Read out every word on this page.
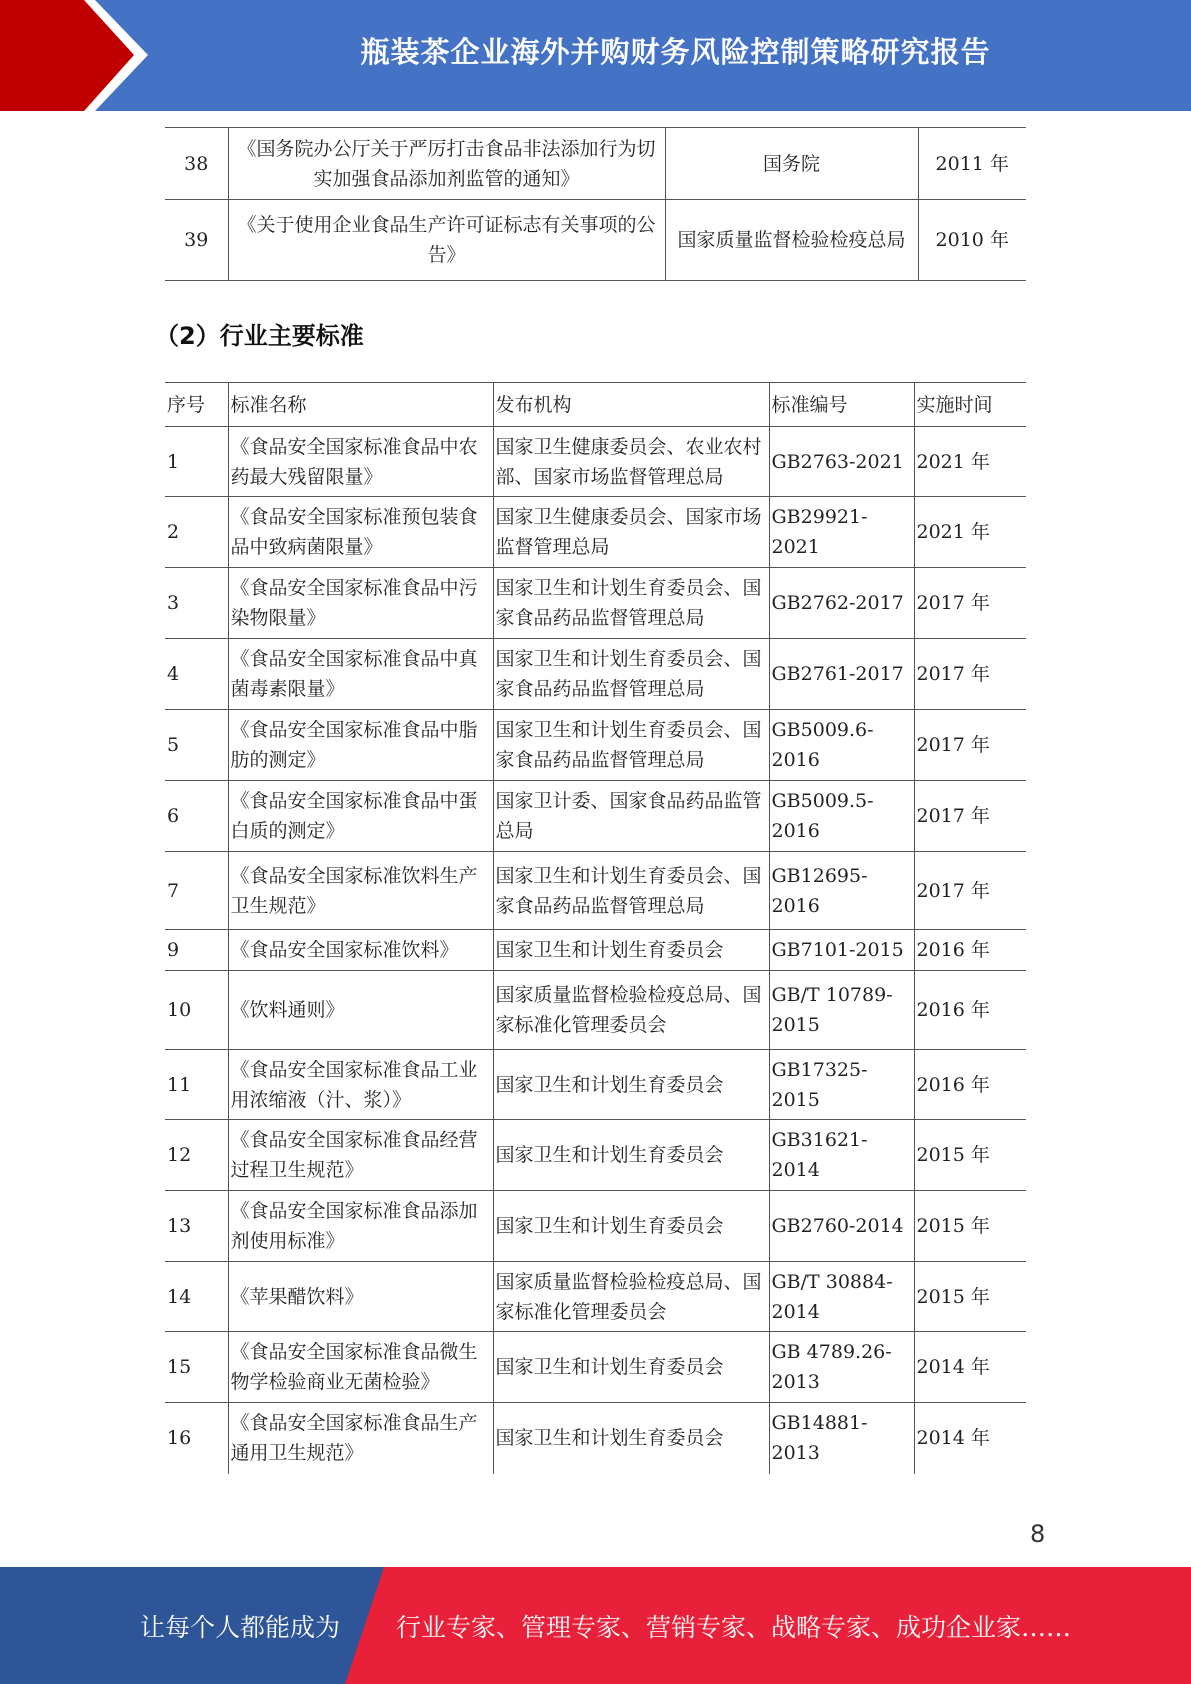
瓶装茶企业海外并购财务风险控制策略研究报告
38	《国务院办公厅关于严厉打击食品非法添加行为切实加强食品添加剂监管的通知》	国务院	2011 年
39	《关于使用企业食品生产许可证标志有关事项的公告》	国家质量监督检验检疫总局	2010 年
（2）行业主要标准
序号	标准名称	发布机构	标准编号	实施时间
1	《食品安全国家标准食品中农药最大残留限量》	国家卫生健康委员会、农业农村部、国家市场监督管理总局	GB2763-2021	2021 年
2	《食品安全国家标准预包装食品中致病菌限量》	国家卫生健康委员会、国家市场监督管理总局	GB29921-2021	2021 年
3	《食品安全国家标准食品中污染物限量》	国家卫生和计划生育委员会、国家食品药品监督管理总局	GB2762-2017	2017 年
4	《食品安全国家标准食品中真菌毒素限量》	国家卫生和计划生育委员会、国家食品药品监督管理总局	GB2761-2017	2017 年
5	《食品安全国家标准食品中脂肪的测定》	国家卫生和计划生育委员会、国家食品药品监督管理总局	GB5009.6-2016	2017 年
6	《食品安全国家标准食品中蛋白质的测定》	国家卫计委、国家食品药品监管总局	GB5009.5-2016	2017 年
7	《食品安全国家标准饮料生产卫生规范》	国家卫生和计划生育委员会、国家食品药品监督管理总局	GB12695-2016	2017 年
9	《食品安全国家标准饮料》	国家卫生和计划生育委员会	GB7101-2015	2016 年
10	《饮料通则》	国家质量监督检验检疫总局、国家标准化管理委员会	GB/T 10789-2015	2016 年
11	《食品安全国家标准食品工业用浓缩液（汁、浆）》	国家卫生和计划生育委员会	GB17325-2015	2016 年
12	《食品安全国家标准食品经营过程卫生规范》	国家卫生和计划生育委员会	GB31621-2014	2015 年
13	《食品安全国家标准食品添加剂使用标准》	国家卫生和计划生育委员会	GB2760-2014	2015 年
14	《苹果醋饮料》	国家质量监督检验检疫总局、国家标准化管理委员会	GB/T 30884-2014	2015 年
15	《食品安全国家标准食品微生物学检验商业无菌检验》	国家卫生和计划生育委员会	GB 4789.26-2013	2014 年
16	《食品安全国家标准食品生产通用卫生规范》	国家卫生和计划生育委员会	GB14881-2013	2014 年
8
让每个人都能成为 行业专家、管理专家、营销专家、战略专家、成功企业家……
